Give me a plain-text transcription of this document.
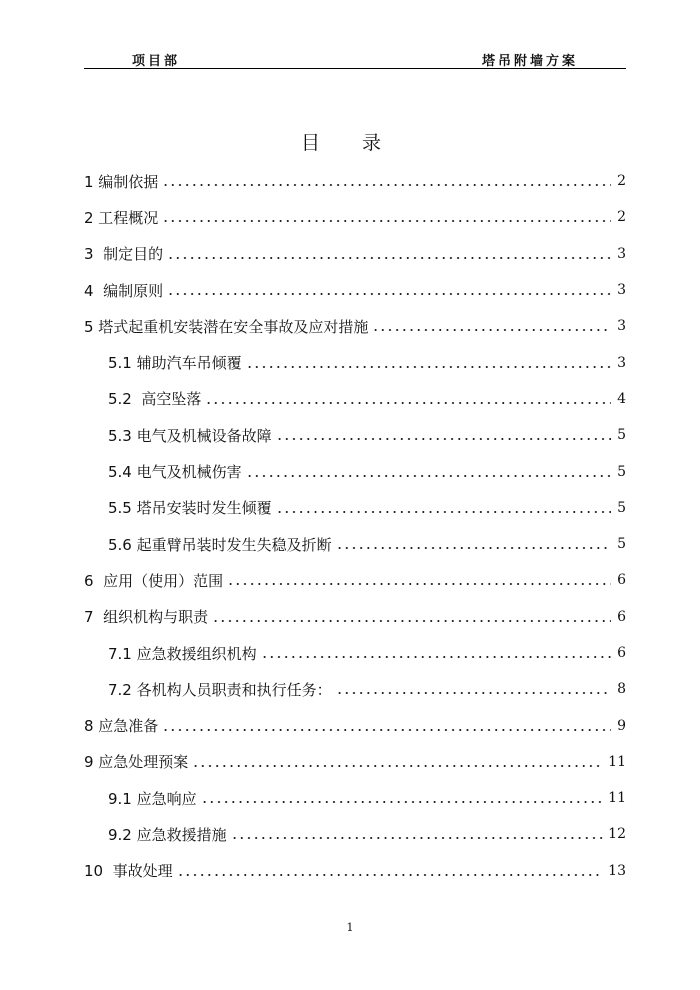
项目部	塔吊附墙方案
目 录
1 编制依据	2
2 工程概况	2
3  制定目的	3
4  编制原则	3
5 塔式起重机安装潜在安全事故及应对措施	3
5.1 辅助汽车吊倾覆	3
5.2  高空坠落	4
5.3 电气及机械设备故障	5
5.4 电气及机械伤害	5
5.5 塔吊安装时发生倾覆	5
5.6 起重臂吊装时发生失稳及折断	5
6  应用（使用）范围	6
7  组织机构与职责	6
7.1 应急救援组织机构	6
7.2 各机构人员职责和执行任务：	8
8 应急准备	9
9 应急处理预案	11
9.1 应急响应	11
9.2 应急救援措施	12
10  事故处理	13
1
